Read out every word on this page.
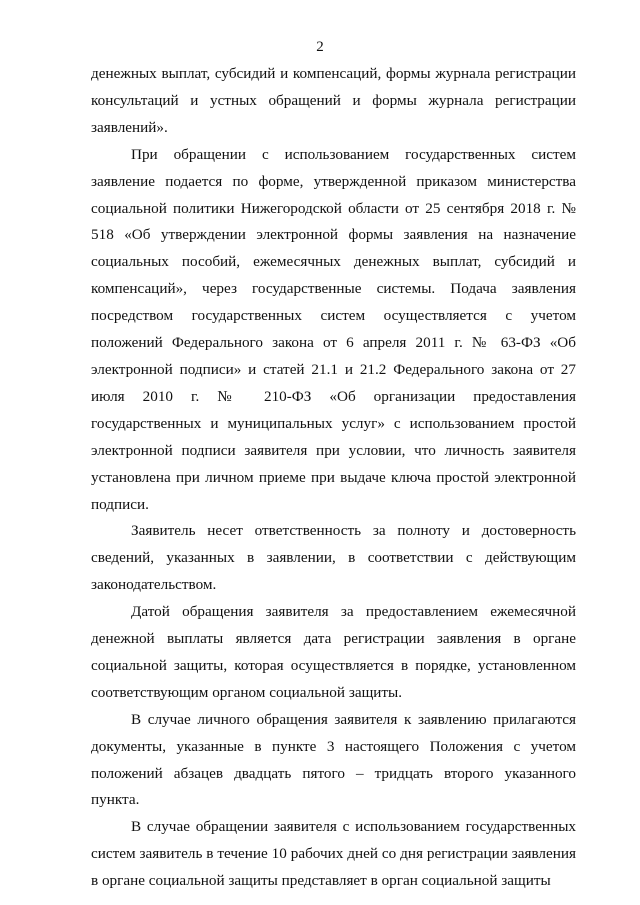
2

денежных выплат, субсидий и компенсаций, формы журнала регистрации консультаций и устных обращений и формы журнала регистрации заявлений».

При обращении с использованием государственных систем заявление подается по форме, утвержденной приказом министерства социальной политики Нижегородской области от 25 сентября 2018 г. № 518 «Об утверждении электронной формы заявления на назначение социальных пособий, ежемесячных денежных выплат, субсидий и компенсаций», через государственные системы. Подача заявления посредством государственных систем осуществляется с учетом положений Федерального закона от 6 апреля 2011 г. № 63-ФЗ «Об электронной подписи» и статей 21.1 и 21.2 Федерального закона от 27 июля 2010 г. № 210-ФЗ «Об организации предоставления государственных и муниципальных услуг» с использованием простой электронной подписи заявителя при условии, что личность заявителя установлена при личном приеме при выдаче ключа простой электронной подписи.

Заявитель несет ответственность за полноту и достоверность сведений, указанных в заявлении, в соответствии с действующим законодательством.

Датой обращения заявителя за предоставлением ежемесячной денежной выплаты является дата регистрации заявления в органе социальной защиты, которая осуществляется в порядке, установленном соответствующим органом социальной защиты.

В случае личного обращения заявителя к заявлению прилагаются документы, указанные в пункте 3 настоящего Положения с учетом положений абзацев двадцать пятого – тридцать второго указанного пункта.

В случае обращении заявителя с использованием государственных систем заявитель в течение 10 рабочих дней со дня регистрации заявления в органе социальной защиты представляет в орган социальной защиты
